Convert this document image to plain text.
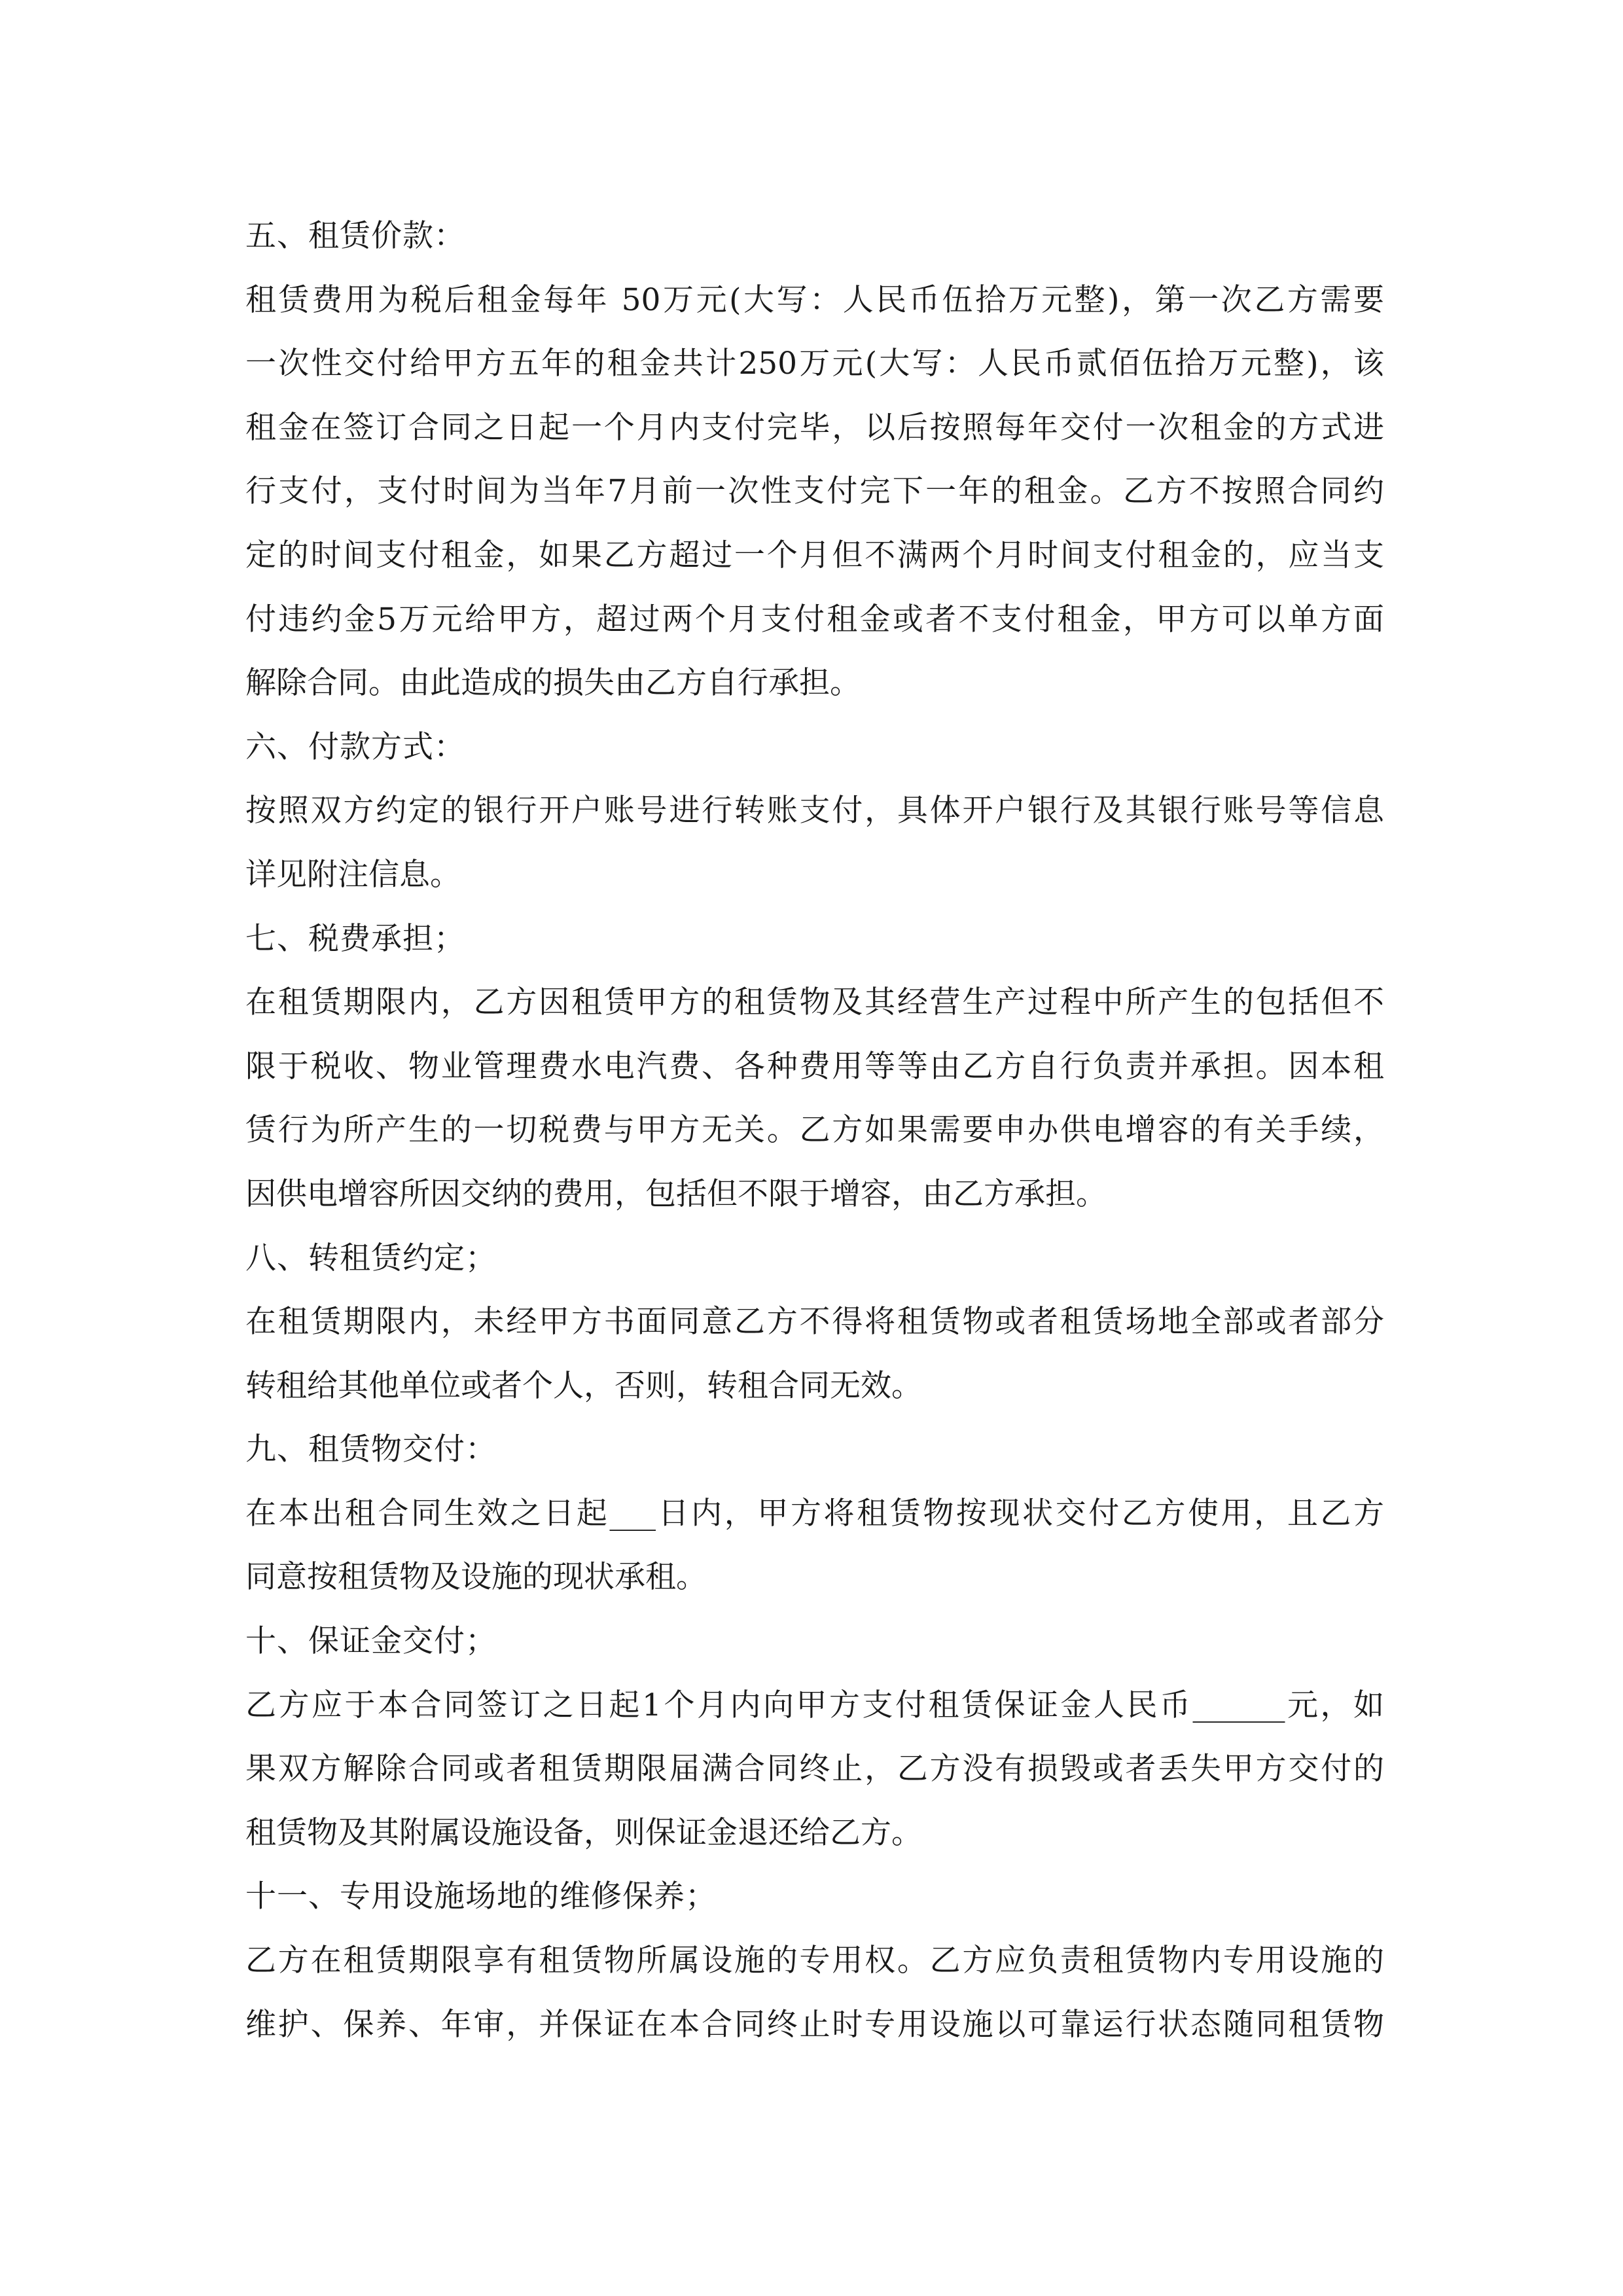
五、租赁价款：
租赁费用为税后租金每年 50万元(大写：人民币伍拾万元整)，第一次乙方需要
一次性交付给甲方五年的租金共计250万元(大写：人民币贰佰伍拾万元整)，该
租金在签订合同之日起一个月内支付完毕，以后按照每年交付一次租金的方式进
行支付，支付时间为当年7月前一次性支付完下一年的租金。乙方不按照合同约
定的时间支付租金，如果乙方超过一个月但不满两个月时间支付租金的，应当支
付违约金5万元给甲方，超过两个月支付租金或者不支付租金，甲方可以单方面
解除合同。由此造成的损失由乙方自行承担。
六、付款方式：
按照双方约定的银行开户账号进行转账支付，具体开户银行及其银行账号等信息
详见附注信息。
七、税费承担；
在租赁期限内，乙方因租赁甲方的租赁物及其经营生产过程中所产生的包括但不
限于税收、物业管理费水电汽费、各种费用等等由乙方自行负责并承担。因本租
赁行为所产生的一切税费与甲方无关。乙方如果需要申办供电增容的有关手续，
因供电增容所因交纳的费用，包括但不限于增容，由乙方承担。
八、转租赁约定；
在租赁期限内，未经甲方书面同意乙方不得将租赁物或者租赁场地全部或者部分
转租给其他单位或者个人，否则，转租合同无效。
九、租赁物交付：
在本出租合同生效之日起___日内，甲方将租赁物按现状交付乙方使用，且乙方
同意按租赁物及设施的现状承租。
十、保证金交付；
乙方应于本合同签订之日起1个月内向甲方支付租赁保证金人民币______元，如
果双方解除合同或者租赁期限届满合同终止，乙方没有损毁或者丢失甲方交付的
租赁物及其附属设施设备，则保证金退还给乙方。
十一、专用设施场地的维修保养；
乙方在租赁期限享有租赁物所属设施的专用权。乙方应负责租赁物内专用设施的
维护、保养、年审，并保证在本合同终止时专用设施以可靠运行状态随同租赁物
